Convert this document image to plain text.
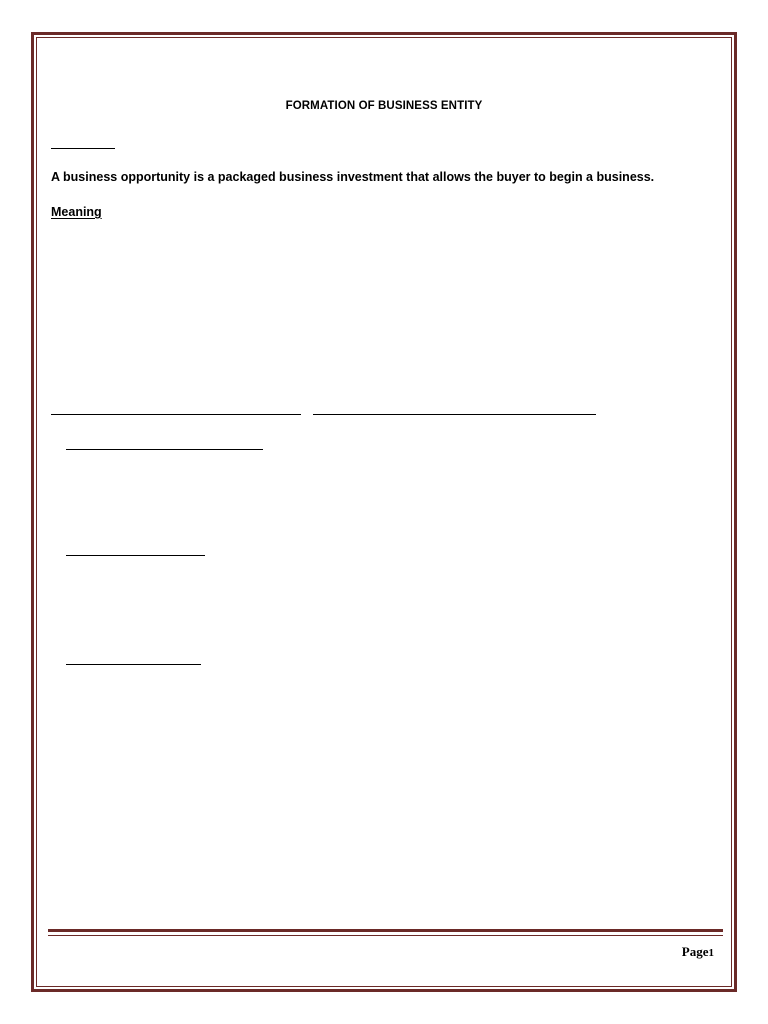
FORMATION OF BUSINESS ENTITY
A business opportunity is a packaged business investment that allows the buyer to begin a business.
Meaning
Page1
